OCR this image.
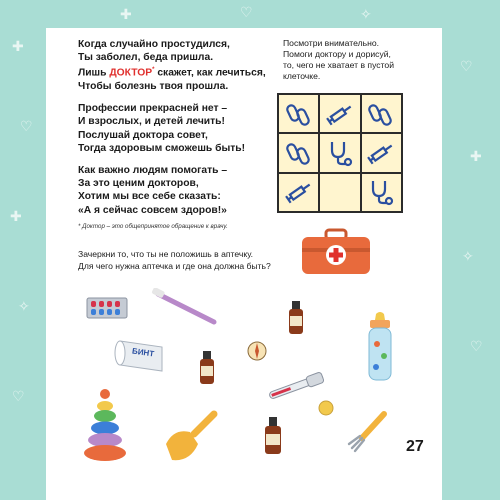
✚
♡
✚
✧
♡
♡
✚
✧
♡
✚	♡	✧
Когда случайно простудился,
Ты заболел, беда пришла.
Лишь ДОКТОР* скажет, как лечиться,
Чтобы болезнь твоя прошла.
Профессии прекрасней нет –
И взрослых, и детей лечить!
Послушай доктора совет,
Тогда здоровым сможешь быть!
Как важно людям помогать –
За это ценим докторов,
Хотим мы все себе сказать:
«А я сейчас совсем здоров!»
* Доктор – это общепринятое обращение к врачу.
Зачеркни то, что ты не положишь в аптечку.
Для чего нужна аптечка и где она должна быть?
Посмотри внимательно.
Помоги доктору и дорисуй,
то, чего не хватает в пустой
клеточке.
БИНТ
27
